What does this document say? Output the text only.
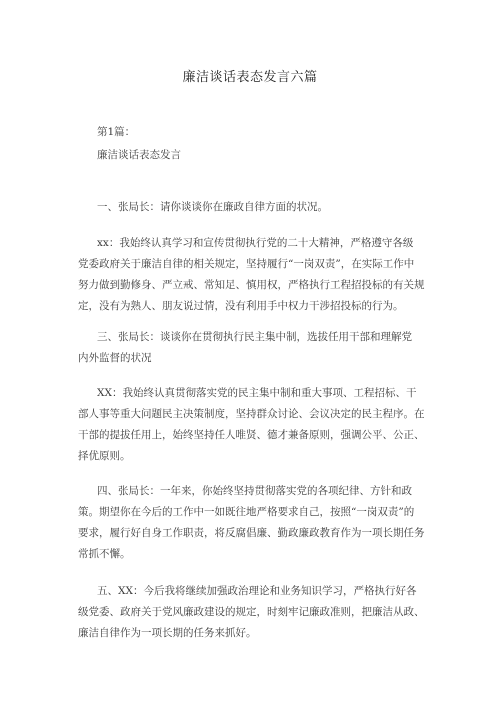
廉洁谈话表态发言六篇
第1篇：
廉洁谈话表态发言
一、张局长：请你谈谈你在廉政自律方面的状况。
xx：我始终认真学习和宣传贯彻执行党的二十大精神，严格遵守各级
党委政府关于廉洁自律的相关规定，坚持履行“一岗双责”，在实际工作中
努力做到勤修身、严立戒、常知足、慎用权，严格执行工程招投标的有关规
定，没有为熟人、朋友说过情，没有利用手中权力干涉招投标的行为。
三、张局长：谈谈你在贯彻执行民主集中制，选拔任用干部和理解党
内外监督的状况
XX：我始终认真贯彻落实党的民主集中制和重大事项、工程招标、干
部人事等重大问题民主决策制度，坚持群众讨论、会议决定的民主程序。在
干部的提拔任用上，始终坚持任人唯贤、德才兼备原则，强调公平、公正、
择优原则。
四、张局长：一年来，你始终坚持贯彻落实党的各项纪律、方针和政
策。期望你在今后的工作中一如既往地严格要求自己，按照“一岗双责”的
要求，履行好自身工作职责，将反腐倡廉、勤政廉政教育作为一项长期任务
常抓不懈。
五、XX：今后我将继续加强政治理论和业务知识学习，严格执行好各
级党委、政府关于党风廉政建设的规定，时刻牢记廉政准则，把廉洁从政、
廉洁自律作为一项长期的任务来抓好。
